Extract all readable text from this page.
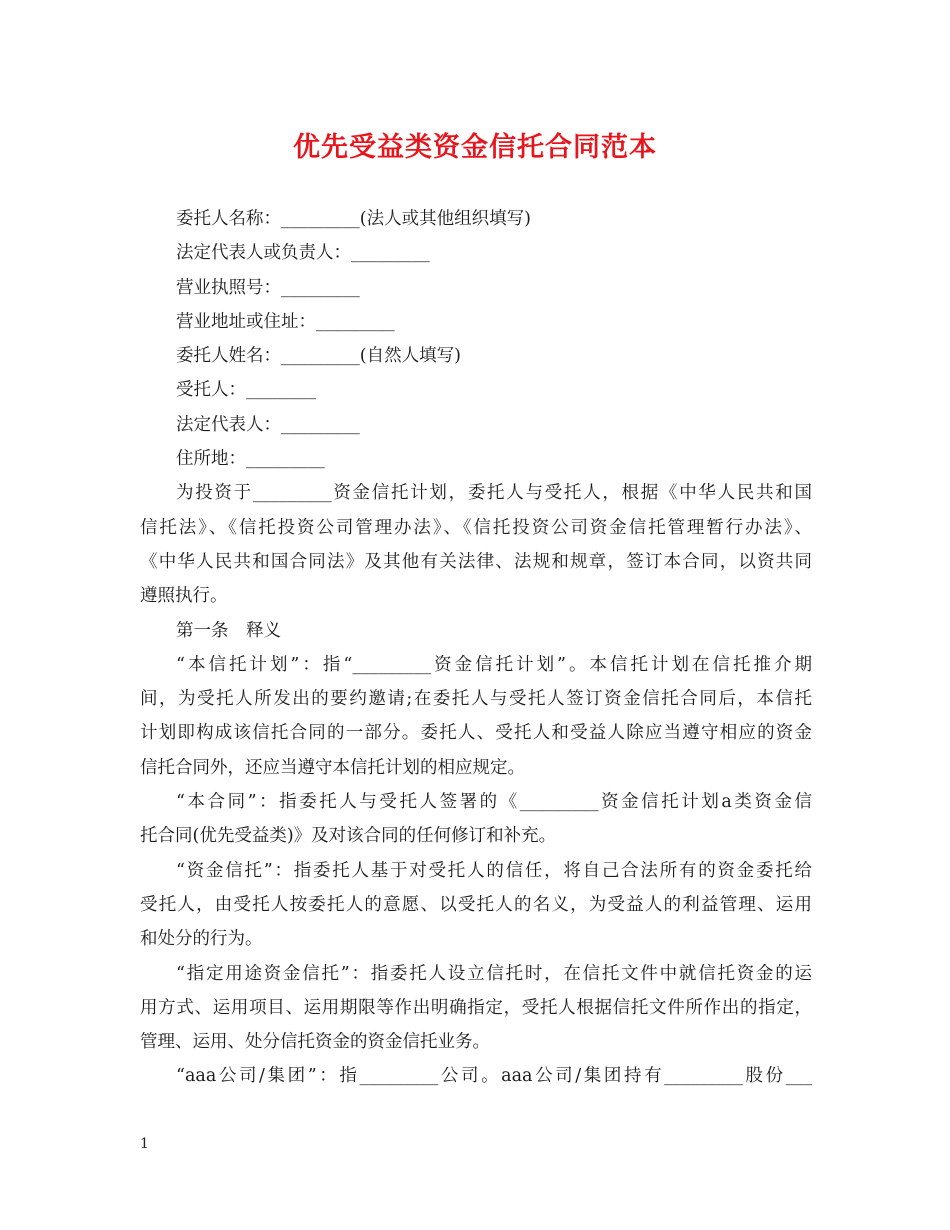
优先受益类资金信托合同范本
委托人名称：_________(法人或其他组织填写)
法定代表人或负责人：_________
营业执照号：_________
营业地址或住址：_________
委托人姓名：_________(自然人填写)
受托人：________
法定代表人：_________
住所地：_________
为投资于_________资金信托计划，委托人与受托人，根据《中华人民共和国
信托法》、《信托投资公司管理办法》、《信托投资公司资金信托管理暂行办法》、
《中华人民共和国合同法》及其他有关法律、法规和规章，签订本合同，以资共同
遵照执行。
第一条　释义
“本信托计划”：指“_________资金信托计划”。本信托计划在信托推介期
间，为受托人所发出的要约邀请;在委托人与受托人签订资金信托合同后，本信托
计划即构成该信托合同的一部分。委托人、受托人和受益人除应当遵守相应的资金
信托合同外，还应当遵守本信托计划的相应规定。
“本合同”：指委托人与受托人签署的《_________资金信托计划a类资金信
托合同(优先受益类)》及对该合同的任何修订和补充。
“资金信托”：指委托人基于对受托人的信任，将自己合法所有的资金委托给
受托人，由受托人按委托人的意愿、以受托人的名义，为受益人的利益管理、运用
和处分的行为。
“指定用途资金信托”：指委托人设立信托时，在信托文件中就信托资金的运
用方式、运用项目、运用期限等作出明确指定，受托人根据信托文件所作出的指定，
管理、运用、处分信托资金的资金信托业务。
“aaa公司/集团”：指_________公司。aaa公司/集团持有_________股份___
1
